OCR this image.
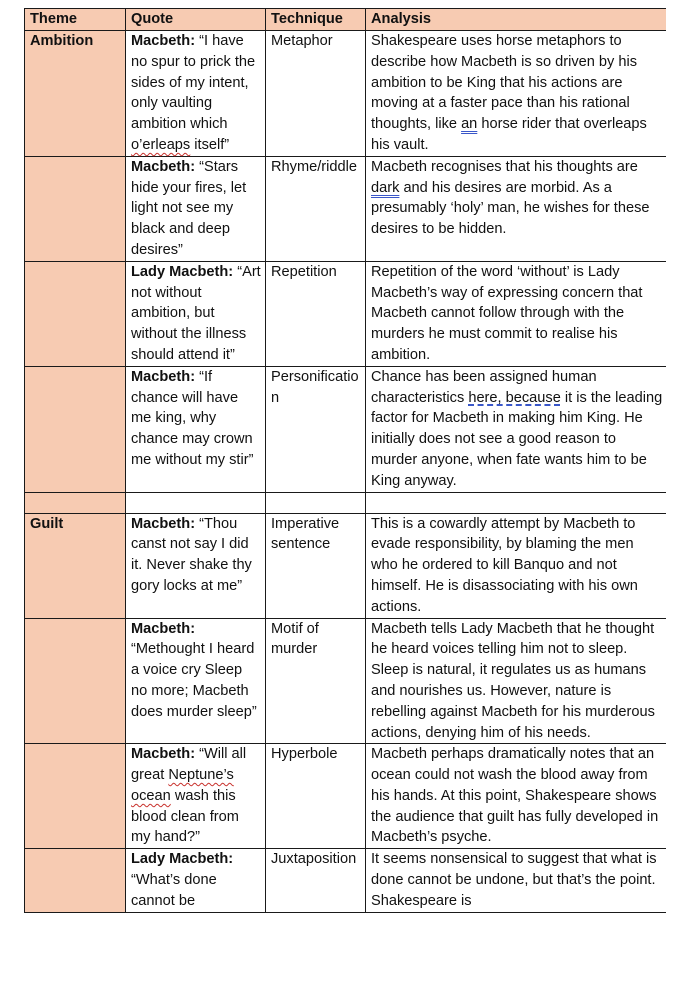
Theme	Quote	Technique	Analysis
Ambition	Macbeth: “I have no spur to prick the sides of my intent, only vaulting ambition which o’erleaps itself”	Metaphor	Shakespeare uses horse metaphors to describe how Macbeth is so driven by his ambition to be King that his actions are moving at a faster pace than his rational thoughts, like an horse rider that overleaps his vault.
	Macbeth: “Stars hide your fires, let light not see my black and deep desires”	Rhyme/riddle	Macbeth recognises that his thoughts are dark and his desires are morbid. As a presumably ‘holy’ man, he wishes for these desires to be hidden.
	Lady Macbeth: “Art not without ambition, but without the illness should attend it”	Repetition	Repetition of the word ‘without’ is Lady Macbeth’s way of expressing concern that Macbeth cannot follow through with the murders he must commit to realise his ambition.
	Macbeth: “If chance will have me king, why chance may crown me without my stir”	Personification	Chance has been assigned human characteristics here, because it is the leading factor for Macbeth in making him King. He initially does not see a good reason to murder anyone, when fate wants him to be King anyway.

Guilt	Macbeth: “Thou canst not say I did it. Never shake thy gory locks at me”	Imperative sentence	This is a cowardly attempt by Macbeth to evade responsibility, by blaming the men who he ordered to kill Banquo and not himself. He is disassociating with his own actions.
	Macbeth: “Methought I heard a voice cry Sleep no more; Macbeth does murder sleep”	Motif of murder	Macbeth tells Lady Macbeth that he thought he heard voices telling him not to sleep. Sleep is natural, it regulates us as humans and nourishes us. However, nature is rebelling against Macbeth for his murderous actions, denying him of his needs.
	Macbeth: “Will all great Neptune’s ocean wash this blood clean from my hand?”	Hyperbole	Macbeth perhaps dramatically notes that an ocean could not wash the blood away from his hands. At this point, Shakespeare shows the audience that guilt has fully developed in Macbeth’s psyche.
	Lady Macbeth: “What’s done cannot be	Juxtaposition	It seems nonsensical to suggest that what is done cannot be undone, but that’s the point. Shakespeare is
